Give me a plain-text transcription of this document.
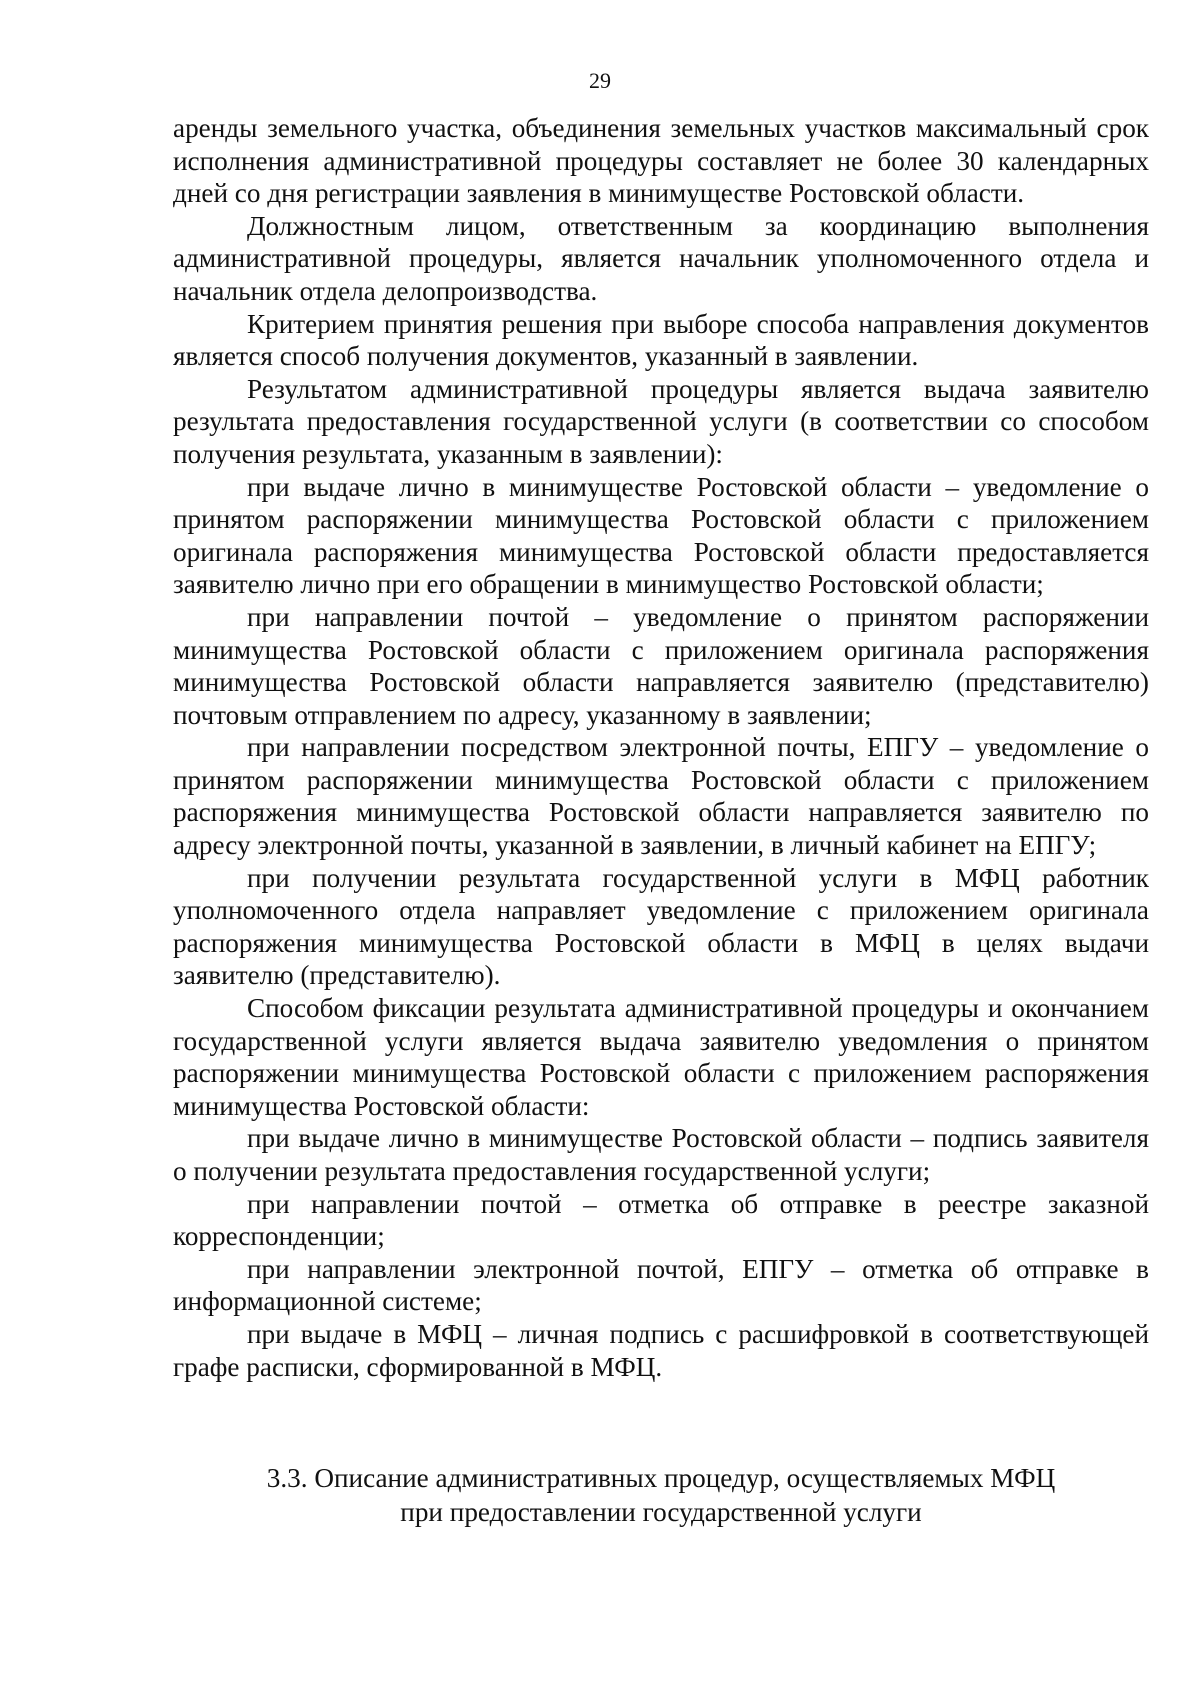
29

аренды земельного участка, объединения земельных участков максимальный срок исполнения административной процедуры составляет не более 30 календарных дней со дня регистрации заявления в минимуществе Ростовской области.

Должностным лицом, ответственным за координацию выполнения административной процедуры, является начальник уполномоченного отдела и начальник отдела делопроизводства.

Критерием принятия решения при выборе способа направления документов является способ получения документов, указанный в заявлении.

Результатом административной процедуры является выдача заявителю результата предоставления государственной услуги (в соответствии со способом получения результата, указанным в заявлении):

при выдаче лично в минимуществе Ростовской области – уведомление о принятом распоряжении минимущества Ростовской области с приложением оригинала распоряжения минимущества Ростовской области предоставляется заявителю лично при его обращении в минимущество Ростовской области;

при направлении почтой – уведомление о принятом распоряжении минимущества Ростовской области с приложением оригинала распоряжения минимущества Ростовской области направляется заявителю (представителю) почтовым отправлением по адресу, указанному в заявлении;

при направлении посредством электронной почты, ЕПГУ – уведомление о принятом распоряжении минимущества Ростовской области с приложением распоряжения минимущества Ростовской области направляется заявителю по адресу электронной почты, указанной в заявлении, в личный кабинет на ЕПГУ;

при получении результата государственной услуги в МФЦ работник уполномоченного отдела направляет уведомление с приложением оригинала распоряжения минимущества Ростовской области в МФЦ в целях выдачи заявителю (представителю).

Способом фиксации результата административной процедуры и окончанием государственной услуги является выдача заявителю уведомления о принятом распоряжении минимущества Ростовской области с приложением распоряжения минимущества Ростовской области:

при выдаче лично в минимуществе Ростовской области – подпись заявителя о получении результата предоставления государственной услуги;

при направлении почтой – отметка об отправке в реестре заказной корреспонденции;

при направлении электронной почтой, ЕПГУ – отметка об отправке в информационной системе;

при выдаче в МФЦ – личная подпись с расшифровкой в соответствующей графе расписки, сформированной в МФЦ.

3.3. Описание административных процедур, осуществляемых МФЦ
при предоставлении государственной услуги
